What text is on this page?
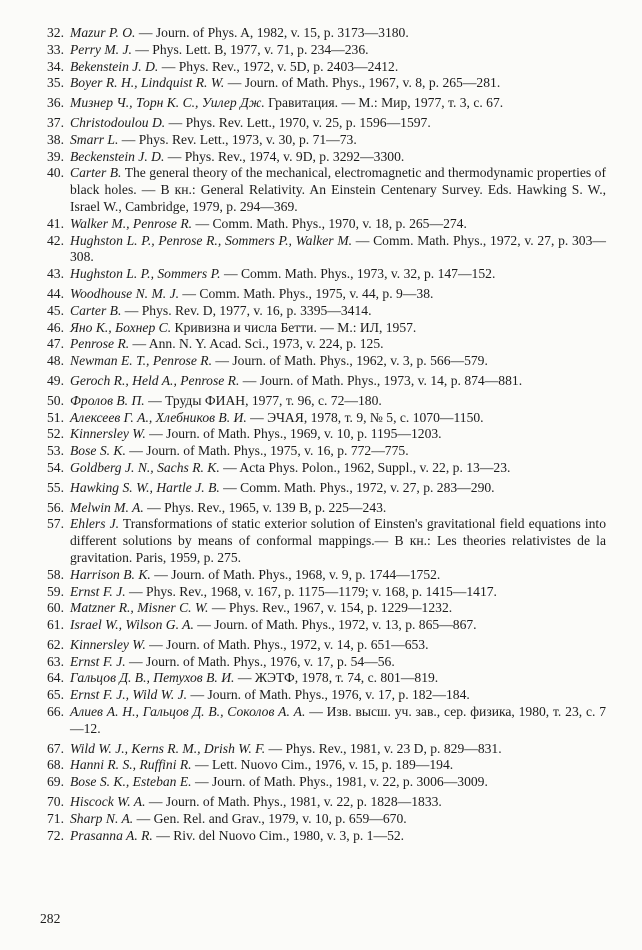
32. Mazur P. O. — Journ. of Phys. A, 1982, v. 15, p. 3173—3180.
33. Perry M. J. — Phys. Lett. B, 1977, v. 71, p. 234—236.
34. Bekenstein J. D. — Phys. Rev., 1972, v. 5D, p. 2403—2412.
35. Boyer R. H., Lindquist R. W. — Journ. of Math. Phys., 1967, v. 8, p. 265—281.
36. Мизнер Ч., Торн К. С., Уилер Дж. Гравитация. — М.: Мир, 1977, т. 3, с. 67.
37. Christodoulou D. — Phys. Rev. Lett., 1970, v. 25, p. 1596—1597.
38. Smarr L. — Phys. Rev. Lett., 1973, v. 30, p. 71—73.
39. Beckenstein J. D. — Phys. Rev., 1974, v. 9D, p. 3292—3300.
40. Carter B. The general theory of the mechanical, electromagnetic and thermodynamic properties of black holes. — В кн.: General Relativity. An Einstein Centenary Survey. Eds. Hawking S. W., Israel W., Cambridge, 1979, p. 294—369.
41. Walker M., Penrose R. — Comm. Math. Phys., 1970, v. 18, p. 265—274.
42. Hughston L. P., Penrose R., Sommers P., Walker M. — Comm. Math. Phys., 1972, v. 27, p. 303—308.
43. Hughston L. P., Sommers P. — Comm. Math. Phys., 1973, v. 32, p. 147—152.
44. Woodhouse N. M. J. — Comm. Math. Phys., 1975, v. 44, p. 9—38.
45. Carter B. — Phys. Rev. D, 1977, v. 16, p. 3395—3414.
46. Яно К., Бохнер С. Кривизна и числа Бетти. — М.: ИЛ, 1957.
47. Penrose R. — Ann. N. Y. Acad. Sci., 1973, v. 224, p. 125.
48. Newman E. T., Penrose R. — Journ. of Math. Phys., 1962, v. 3, p. 566—579.
49. Geroch R., Held A., Penrose R. — Journ. of Math. Phys., 1973, v. 14, p. 874—881.
50. Фролов В. П. — Труды ФИАН, 1977, т. 96, с. 72—180.
51. Алексеев Г. А., Хлебников В. И. — ЭЧАЯ, 1978, т. 9, № 5, с. 1070—1150.
52. Kinnersley W. — Journ. of Math. Phys., 1969, v. 10, p. 1195—1203.
53. Bose S. K. — Journ. of Math. Phys., 1975, v. 16, p. 772—775.
54. Goldberg J. N., Sachs R. K. — Acta Phys. Polon., 1962, Suppl., v. 22, p. 13—23.
55. Hawking S. W., Hartle J. B. — Comm. Math. Phys., 1972, v. 27, p. 283—290.
56. Melwin M. A. — Phys. Rev., 1965, v. 139 B, p. 225—243.
57. Ehlers J. Transformations of static exterior solution of Einsten's gravitational field equations into different solutions by means of conformal mappings.— В кн.: Les theories relativistes de la gravitation. Paris, 1959, p. 275.
58. Harrison B. K. — Journ. of Math. Phys., 1968, v. 9, p. 1744—1752.
59. Ernst F. J. — Phys. Rev., 1968, v. 167, p. 1175—1179; v. 168, p. 1415—1417.
60. Matzner R., Misner C. W. — Phys. Rev., 1967, v. 154, p. 1229—1232.
61. Israel W., Wilson G. A. — Journ. of Math. Phys., 1972, v. 13, p. 865—867.
62. Kinnersley W. — Journ. of Math. Phys., 1972, v. 14, p. 651—653.
63. Ernst F. J. — Journ. of Math. Phys., 1976, v. 17, p. 54—56.
64. Гальцов Д. В., Петухов В. И. — ЖЭТФ, 1978, т. 74, с. 801—819.
65. Ernst F. J., Wild W. J. — Journ. of Math. Phys., 1976, v. 17, p. 182—184.
66. Алиев А. Н., Гальцов Д. В., Соколов А. А. — Изв. высш. уч. зав., сер. физика, 1980, т. 23, с. 7—12.
67. Wild W. J., Kerns R. M., Drish W. F. — Phys. Rev., 1981, v. 23 D, p. 829—831.
68. Hanni R. S., Ruffini R. — Lett. Nuovo Cim., 1976, v. 15, p. 189—194.
69. Bose S. K., Esteban E. — Journ. of Math. Phys., 1981, v. 22, p. 3006—3009.
70. Hiscock W. A. — Journ. of Math. Phys., 1981, v. 22, p. 1828—1833.
71. Sharp N. A. — Gen. Rel. and Grav., 1979, v. 10, p. 659—670.
72. Prasanna A. R. — Riv. del Nuovo Cim., 1980, v. 3, p. 1—52.
282
